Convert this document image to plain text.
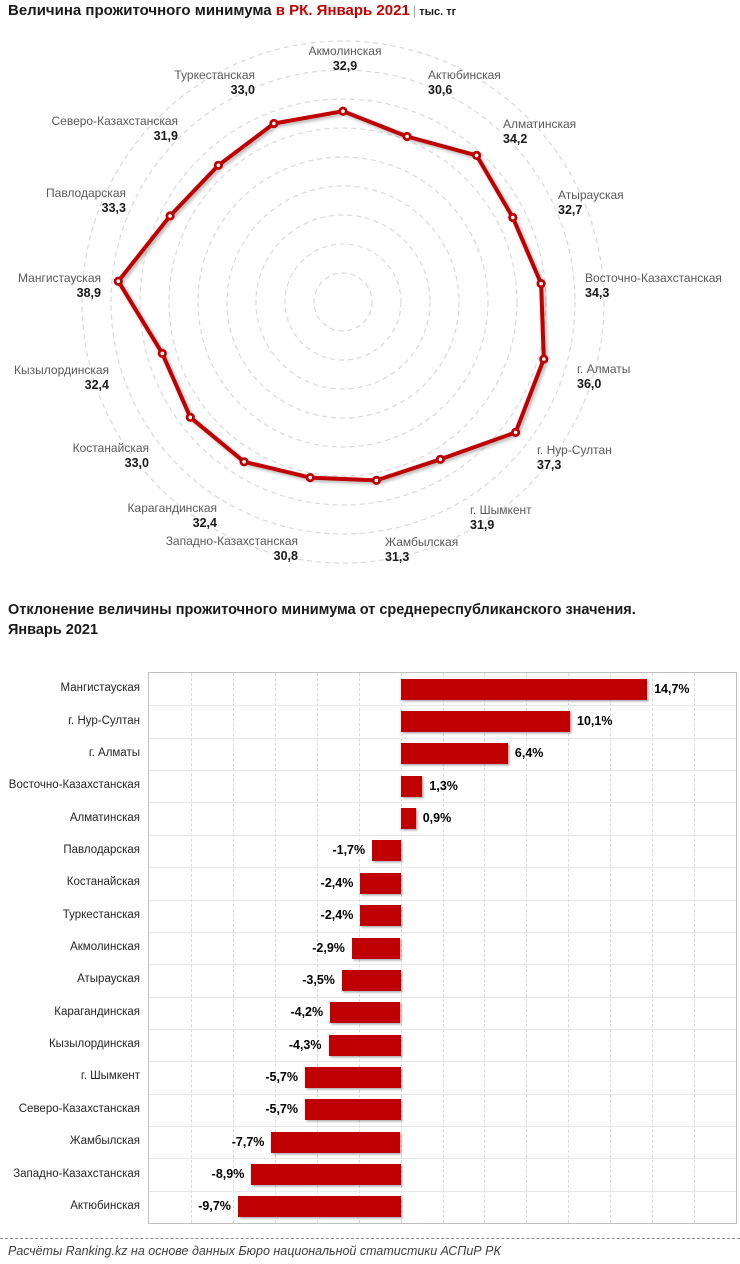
Величина прожиточного минимума в РК. Январь 2021 | тыс. тг
Акмолинская
32,9
Актюбинская
30,6
Алматинская
34,2
Атырауская
32,7
Восточно-Казахстанская
34,3
г. Алматы
36,0
г. Нур-Султан
37,3
г. Шымкент
31,9
Жамбылская
31,3
Западно-Казахстанская
30,8
Карагандинская
32,4
Костанайская
33,0
Кызылординская
32,4
Мангистауская
38,9
Павлодарская
33,3
Северо-Казахстанская
31,9
Туркестанская
33,0
Отклонение величины прожиточного минимума от среднереспубликанского значения.
Январь 2021
Мангистауская
г. Нур-Султан
г. Алматы
Восточно-Казахстанская
Алматинская
Павлодарская
Костанайская
Туркестанская
Акмолинская
Атырауская
Карагандинская
Кызылординская
г. Шымкент
Северо-Казахстанская
Жамбылская
Западно-Казахстанская
Актюбинская
14,7%
10,1%
6,4%
1,3%
0,9%
-1,7%
-2,4%
-2,4%
-2,9%
-3,5%
-4,2%
-4,3%
-5,7%
-5,7%
-7,7%
-8,9%
-9,7%

Расчёты Ranking.kz на основе данных Бюро национальной статистики АСПиР РК
